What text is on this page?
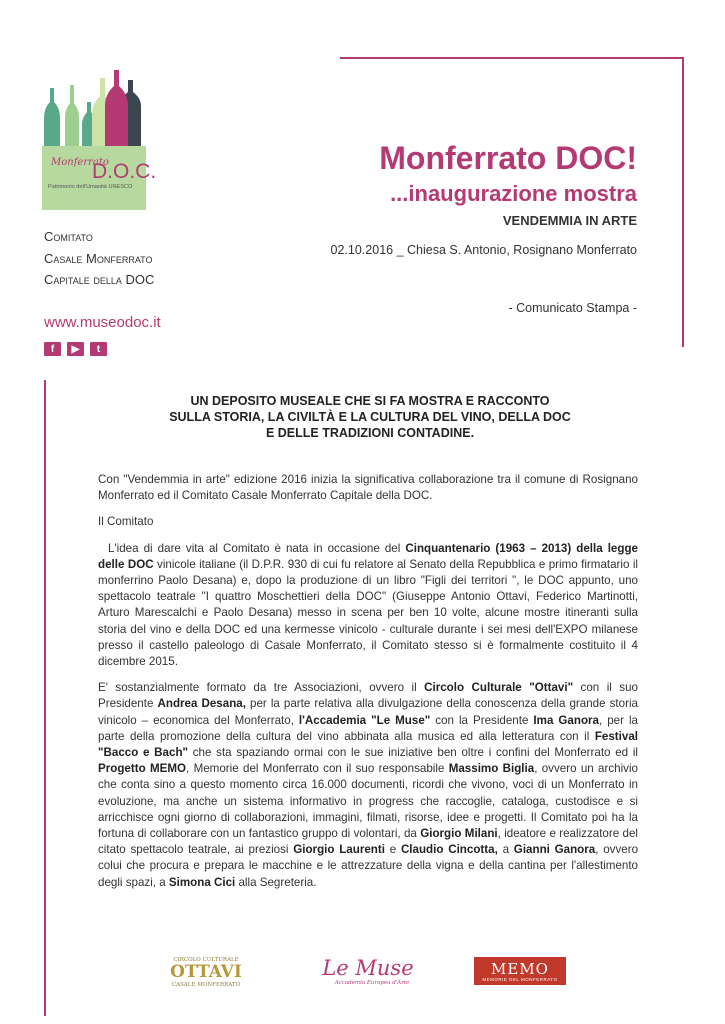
Monferrato
D.O.C.
Patrimonio dell'Umanità UNESCO
Comitato
Casale Monferrato
Capitale della DOC
www.museodoc.it
f	▶	t
Monferrato DOC!
...inaugurazione mostra
VENDEMMIA IN ARTE
02.10.2016 _ Chiesa S. Antonio, Rosignano Monferrato
- Comunicato Stampa -
UN DEPOSITO MUSEALE CHE SI FA MOSTRA E RACCONTO
SULLA STORIA, LA CIVILTÀ E LA CULTURA DEL VINO, DELLA DOC
E DELLE TRADIZIONI CONTADINE.

Con "Vendemmia in arte" edizione 2016 inizia la significativa collaborazione tra il comune di Rosignano Monferrato ed il Comitato Casale Monferrato Capitale della DOC.

Il Comitato

L'idea di dare vita al Comitato è nata in occasione del Cinquantenario (1963 – 2013) della legge delle DOC vinicole italiane (il D.P.R. 930 di cui fu relatore al Senato della Repubblica e primo firmatario il monferrino Paolo Desana) e, dopo la produzione di un libro "Figli dei territori ", le DOC appunto, uno spettacolo teatrale "I quattro Moschettieri della DOC" (Giuseppe Antonio Ottavi, Federico Martinotti, Arturo Marescalchi e Paolo Desana) messo in scena per ben 10 volte, alcune mostre itineranti sulla storia del vino e della DOC ed una kermesse vinicolo - culturale durante i sei mesi dell'EXPO milanese presso il castello paleologo di Casale Monferrato, il Comitato stesso si è formalmente costituito il 4 dicembre 2015.

E' sostanzialmente formato da tre Associazioni, ovvero il Circolo Culturale "Ottavi" con il suo Presidente Andrea Desana, per la parte relativa alla divulgazione della conoscenza della grande storia vinicolo – economica del Monferrato, l'Accademia "Le Muse" con la Presidente Ima Ganora, per la parte della promozione della cultura del vino abbinata alla musica ed alla letteratura con il Festival "Bacco e Bach" che sta spaziando ormai con le sue iniziative ben oltre i confini del Monferrato ed il Progetto MEMO, Memorie del Monferrato con il suo responsabile Massimo Biglia, ovvero un archivio che conta sino a questo momento circa 16.000 documenti, ricordi che vivono, voci di un Monferrato in evoluzione, ma anche un sistema informativo in progress che raccoglie, cataloga, custodisce e si arricchisce ogni giorno di collaborazioni, immagini, filmati, risorse, idee e progetti. Il Comitato poi ha la fortuna di collaborare con un fantastico gruppo di volontari, da Giorgio Milani, ideatore e realizzatore del citato spettacolo teatrale, ai preziosi Giorgio Laurenti e Claudio Cincotta, a Gianni Ganora, ovvero colui che procura e prepara le macchine e le attrezzature della vigna e della cantina per l'allestimento degli spazi, a Simona Cici alla Segreteria.

CIRCOLO CULTURALE
OTTAVI
CASALE MONFERRATO
Le Muse
Accademia Europea d'Arte
MEMO
MEMORIE DEL MONFERRATO
